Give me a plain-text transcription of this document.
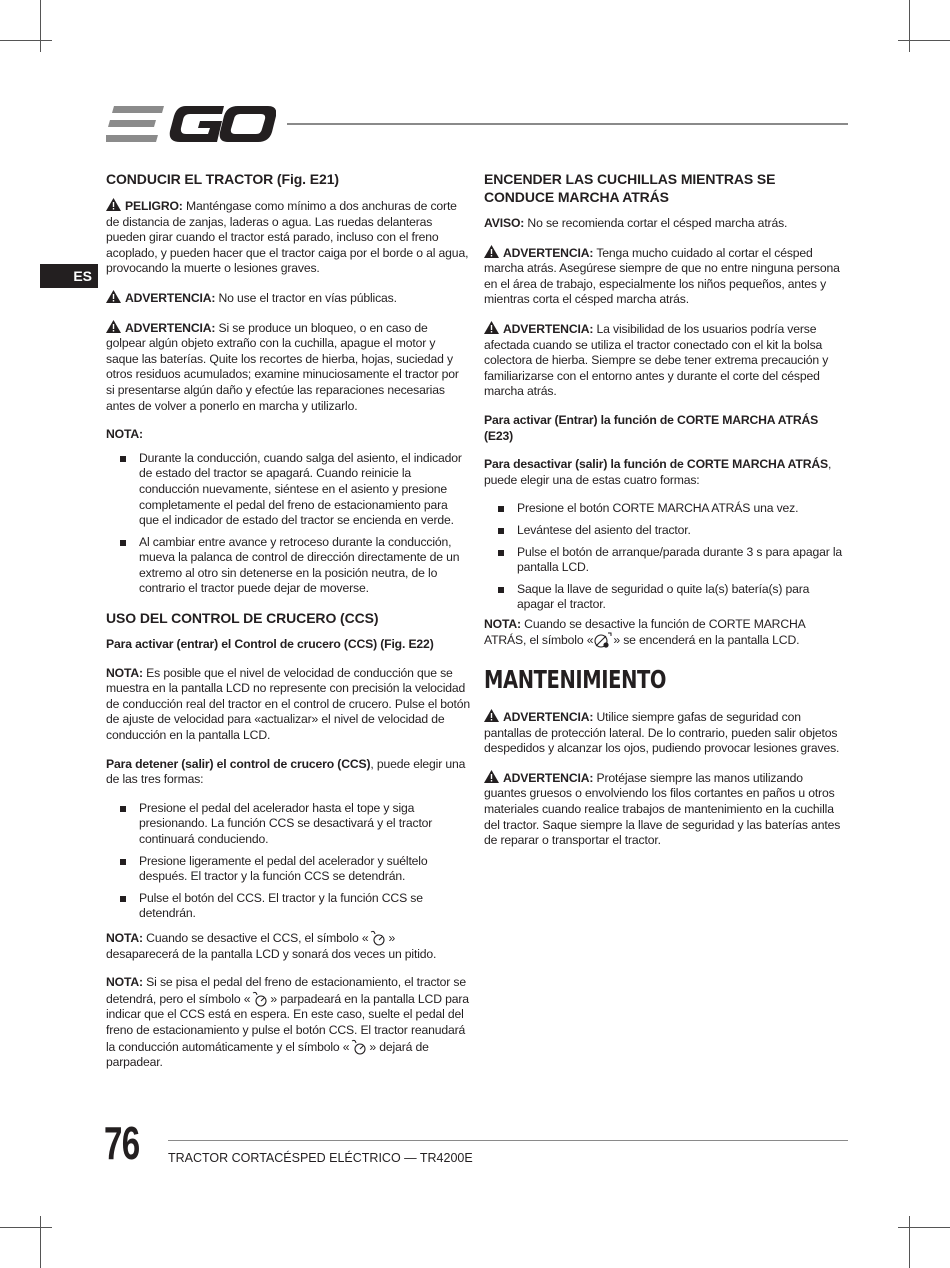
ES
CONDUCIR EL TRACTOR (Fig. E21)

PELIGRO: Manténgase como mínimo a dos anchuras de corte de distancia de zanjas, laderas o agua. Las ruedas delanteras pueden girar cuando el tractor está parado, incluso con el freno acoplado, y pueden hacer que el tractor caiga por el borde o al agua, provocando la muerte o lesiones graves.

ADVERTENCIA: No use el tractor en vías públicas.

ADVERTENCIA: Si se produce un bloqueo, o en caso de golpear algún objeto extraño con la cuchilla, apague el motor y saque las baterías. Quite los recortes de hierba, hojas, suciedad y otros residuos acumulados; examine minuciosamente el tractor por si presentarse algún daño y efectúe las reparaciones necesarias antes de volver a ponerlo en marcha y utilizarlo.

NOTA:

Durante la conducción, cuando salga del asiento, el indicador de estado del tractor se apagará. Cuando reinicie la conducción nuevamente, siéntese en el asiento y presione completamente el pedal del freno de estacionamiento para que el indicador de estado del tractor se encienda en verde.
Al cambiar entre avance y retroceso durante la conducción, mueva la palanca de control de dirección directamente de un extremo al otro sin detenerse en la posición neutra, de lo contrario el tractor puede dejar de moverse.
USO DEL CONTROL DE CRUCERO (CCS)

Para activar (entrar) el Control de crucero (CCS) (Fig. E22)

NOTA: Es posible que el nivel de velocidad de conducción que se muestra en la pantalla LCD no represente con precisión la velocidad de conducción real del tractor en el control de crucero. Pulse el botón de ajuste de velocidad para «actualizar» el nivel de velocidad de conducción en la pantalla LCD.

Para detener (salir) el control de crucero (CCS), puede elegir una de las tres formas:

Presione el pedal del acelerador hasta el tope y siga presionando. La función CCS se desactivará y el tractor continuará conduciendo.
Presione ligeramente el pedal del acelerador y suéltelo después. El tractor y la función CCS se detendrán.
Pulse el botón del CCS. El tractor y la función CCS se detendrán.

NOTA: Cuando se desactive el CCS, el símbolo « » desaparecerá de la pantalla LCD y sonará dos veces un pitido.

NOTA: Si se pisa el pedal del freno de estacionamiento, el tractor se detendrá, pero el símbolo « » parpadeará en la pantalla LCD para indicar que el CCS está en espera. En este caso, suelte el pedal del freno de estacionamiento y pulse el botón CCS. El tractor reanudará la conducción automáticamente y el símbolo « » dejará de parpadear.

ENCENDER LAS CUCHILLAS MIENTRAS SE CONDUCE MARCHA ATRÁS

AVISO: No se recomienda cortar el césped marcha atrás.

ADVERTENCIA: Tenga mucho cuidado al cortar el césped marcha atrás. Asegúrese siempre de que no entre ninguna persona en el área de trabajo, especialmente los niños pequeños, antes y mientras corta el césped marcha atrás.

ADVERTENCIA: La visibilidad de los usuarios podría verse afectada cuando se utiliza el tractor conectado con el kit la bolsa colectora de hierba. Siempre se debe tener extrema precaución y familiarizarse con el entorno antes y durante el corte del césped marcha atrás.

Para activar (Entrar) la función de CORTE MARCHA ATRÁS (E23)

Para desactivar (salir) la función de CORTE MARCHA ATRÁS, puede elegir una de estas cuatro formas:

Presione el botón CORTE MARCHA ATRÁS una vez.
Levántese del asiento del tractor.
Pulse el botón de arranque/parada durante 3 s para apagar la pantalla LCD.
Saque la llave de seguridad o quite la(s) batería(s) para apagar el tractor.

NOTA: Cuando se desactive la función de CORTE MARCHA ATRÁS, el símbolo « » se encenderá en la pantalla LCD.

MANTENIMIENTO

ADVERTENCIA: Utilice siempre gafas de seguridad con pantallas de protección lateral. De lo contrario, pueden salir objetos despedidos y alcanzar los ojos, pudiendo provocar lesiones graves.

ADVERTENCIA: Protéjase siempre las manos utilizando guantes gruesos o envolviendo los filos cortantes en paños u otros materiales cuando realice trabajos de mantenimiento en la cuchilla del tractor. Saque siempre la llave de seguridad y las baterías antes de reparar o transportar el tractor.

76 TRACTOR CORTACÉSPED ELÉCTRICO — TR4200E
